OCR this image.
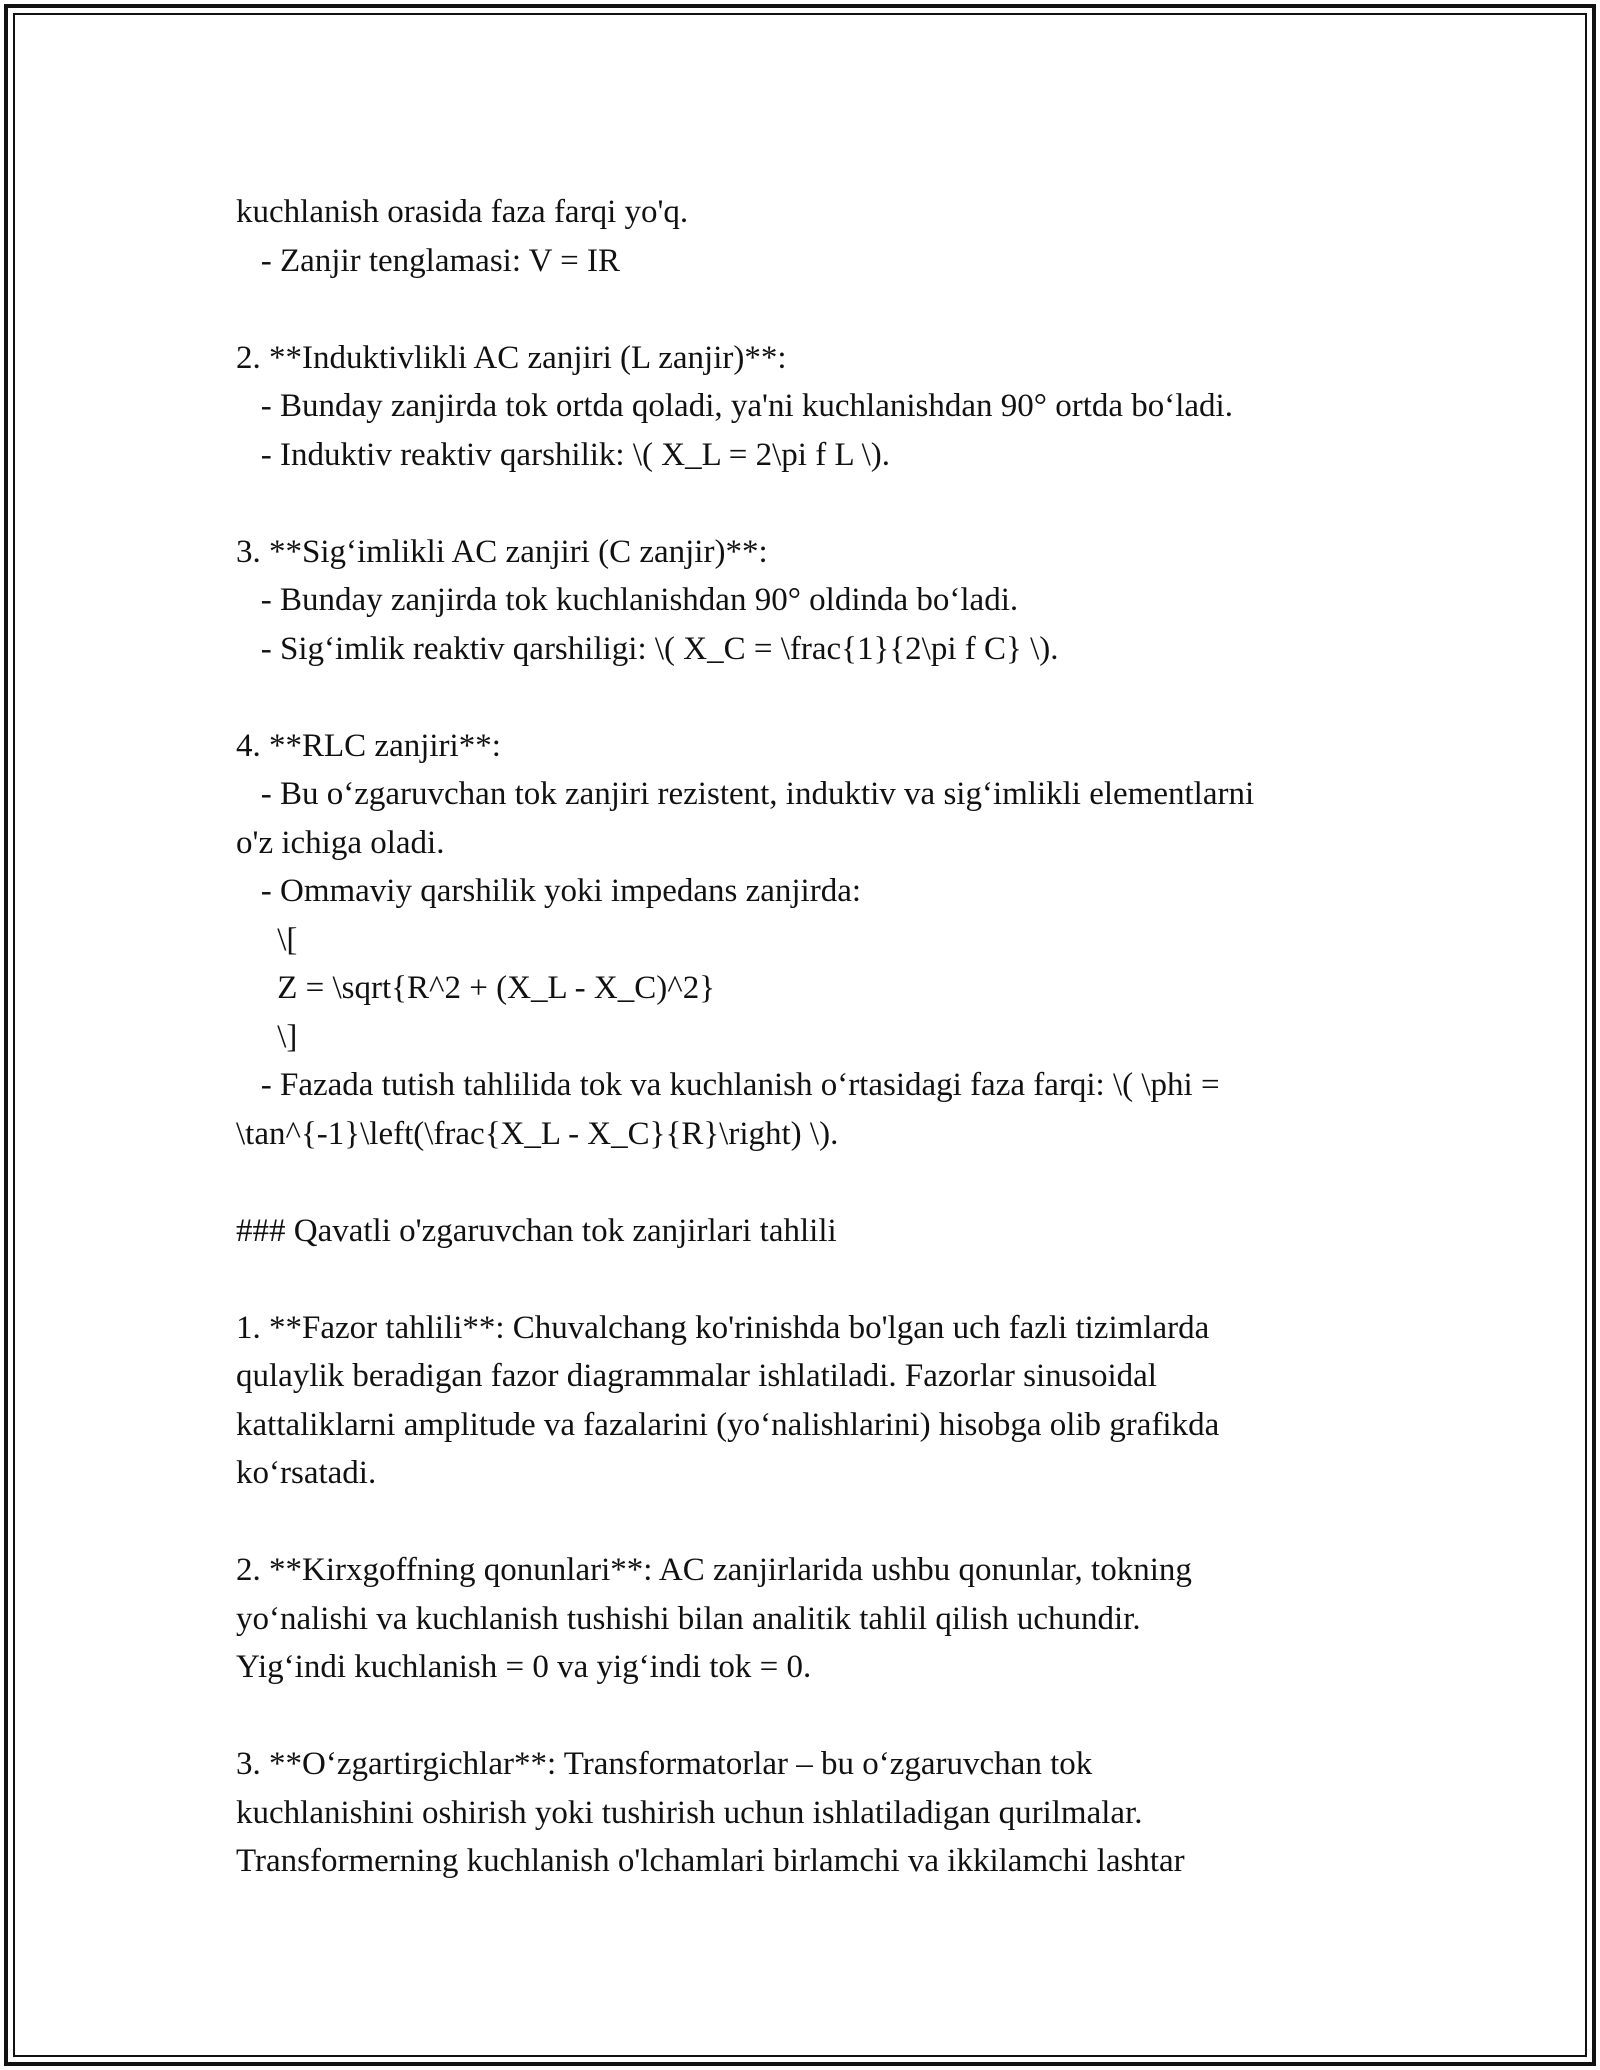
kuchlanish orasida faza farqi yo'q.
- Zanjir tenglamasi: V = IR
2. **Induktivlikli AC zanjiri (L zanjir)**:
- Bunday zanjirda tok ortda qoladi, ya'ni kuchlanishdan 90° ortda bo‘ladi.
- Induktiv reaktiv qarshilik: \( X_L = 2\pi f L \).
3. **Sig‘imlikli AC zanjiri (C zanjir)**:
- Bunday zanjirda tok kuchlanishdan 90° oldinda bo‘ladi.
- Sig‘imlik reaktiv qarshiligi: \( X_C = \frac{1}{2\pi f C} \).
4. **RLC zanjiri**:
- Bu o‘zgaruvchan tok zanjiri rezistent, induktiv va sig‘imlikli elementlarni
o'z ichiga oladi.
- Ommaviy qarshilik yoki impedans zanjirda:
\[
Z = \sqrt{R^2 + (X_L - X_C)^2}
\]
- Fazada tutish tahlilida tok va kuchlanish o‘rtasidagi faza farqi: \( \phi =
\tan^{-1}\left(\frac{X_L - X_C}{R}\right) \).
### Qavatli o'zgaruvchan tok zanjirlari tahlili
1. **Fazor tahlili**: Chuvalchang ko'rinishda bo'lgan uch fazli tizimlarda
qulaylik beradigan fazor diagrammalar ishlatiladi. Fazorlar sinusoidal
kattaliklarni amplitude va fazalarini (yo‘nalishlarini) hisobga olib grafikda
ko‘rsatadi.
2. **Kirxgoffning qonunlari**: AC zanjirlarida ushbu qonunlar, tokning
yo‘nalishi va kuchlanish tushishi bilan analitik tahlil qilish uchundir.
Yig‘indi kuchlanish = 0 va yig‘indi tok = 0.
3. **O‘zgartirgichlar**: Transformatorlar – bu o‘zgaruvchan tok
kuchlanishini oshirish yoki tushirish uchun ishlatiladigan qurilmalar.
Transformerning kuchlanish o'lchamlari birlamchi va ikkilamchi lashtar
